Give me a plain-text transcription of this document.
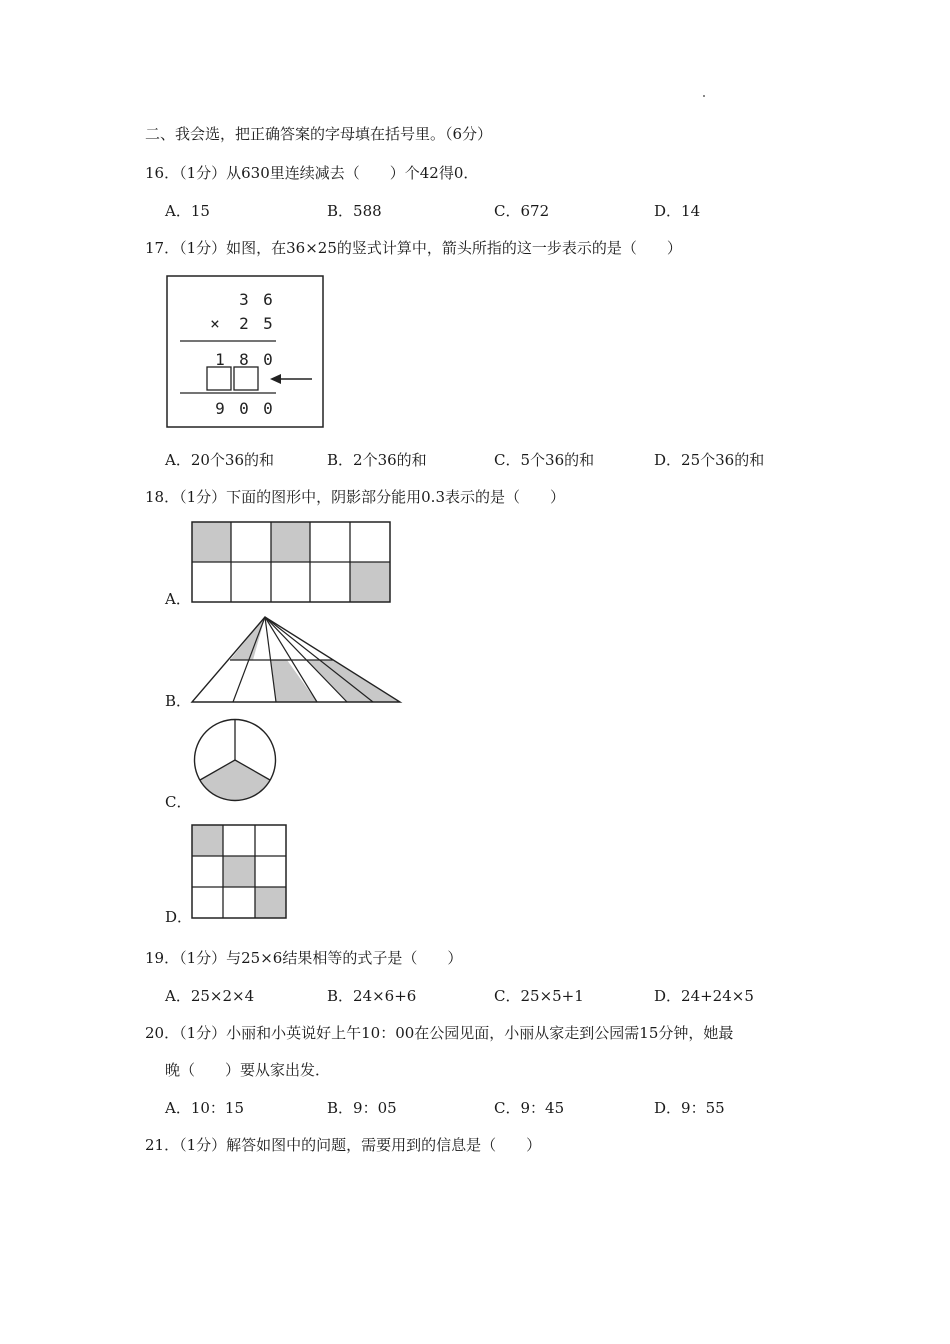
二、我会选，把正确答案的字母填在括号里。（6分）
16．（1分）从630里连续减去（　　）个42得0．
A．15	B．588	C．672	D．14
17．（1分）如图，在36×25的竖式计算中，箭头所指的这一步表示的是（　　）
3 6
× 2 5
1 8 0
9 0 0
A．20个36的和	B．2个36的和	C．5个36的和	D．25个36的和
18．（1分）下面的图形中，阴影部分能用0.3表示的是（　　）
A．
B．
C．
D．
19．（1分）与25×6结果相等的式子是（　　）
A．25×2×4	B．24×6+6	C．25×5+1	D．24+24×5
20．（1分）小丽和小英说好上午10：00在公园见面，小丽从家走到公园需15分钟，她最
晚（　　）要从家出发．
A．10：15	B．9：05	C．9：45	D．9：55
21．（1分）解答如图中的问题，需要用到的信息是（　　）
